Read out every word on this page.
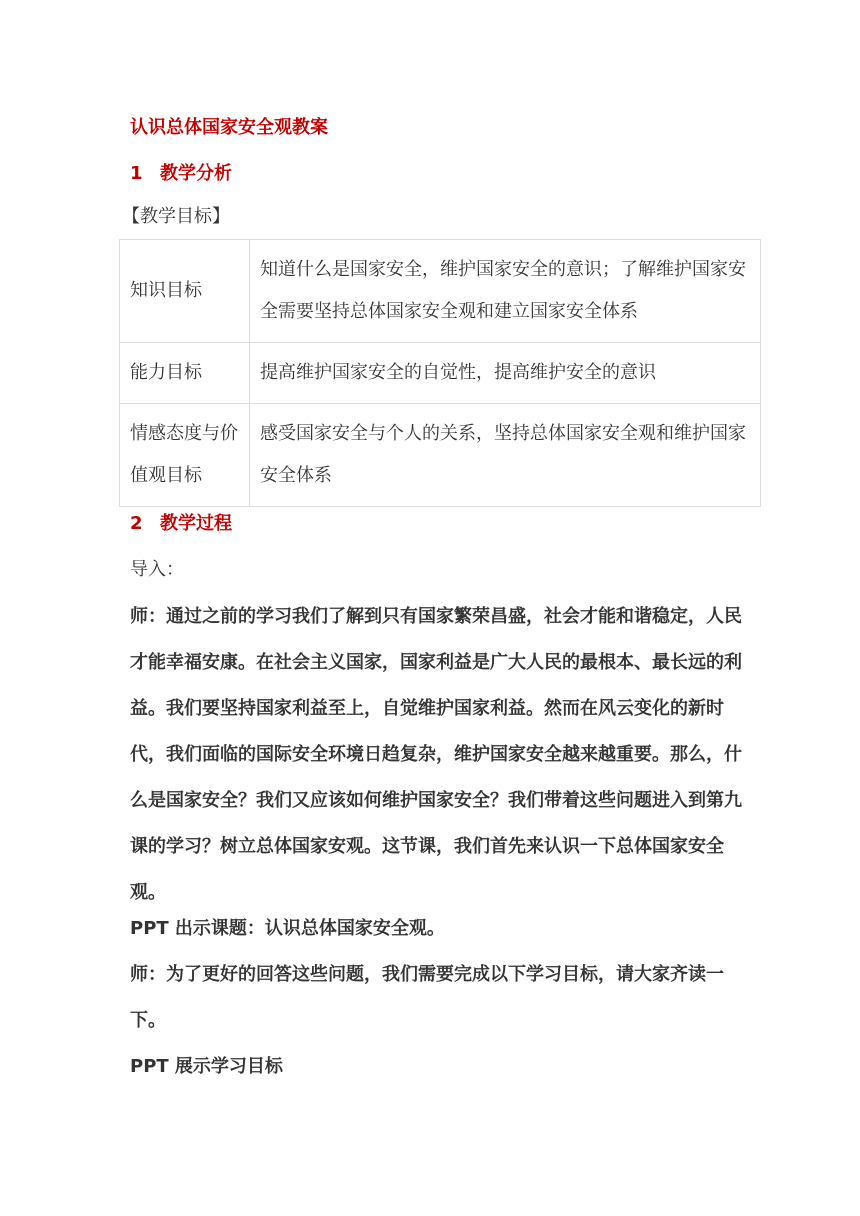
认识总体国家安全观教案
1 教学分析

【教学目标】

知识目标	知道什么是国家安全，维护国家安全的意识；了解维护国家安全需要坚持总体国家安全观和建立国家安全体系
能力目标	提高维护国家安全的自觉性，提高维护安全的意识
情感态度与价值观目标	感受国家安全与个人的关系，坚持总体国家安全观和维护国家安全体系
2 教学过程

导入：

师：通过之前的学习我们了解到只有国家繁荣昌盛，社会才能和谐稳定，人民才能幸福安康。在社会主义国家，国家利益是广大人民的最根本、最长远的利益。我们要坚持国家利益至上，自觉维护国家利益。然而在风云变化的新时代，我们面临的国际安全环境日趋复杂，维护国家安全越来越重要。那么，什么是国家安全？我们又应该如何维护国家安全？我们带着这些问题进入到第九课的学习？树立总体国家安观。这节课，我们首先来认识一下总体国家安全观。

PPT 出示课题：认识总体国家安全观。

师：为了更好的回答这些问题，我们需要完成以下学习目标，请大家齐读一下。

PPT 展示学习目标
